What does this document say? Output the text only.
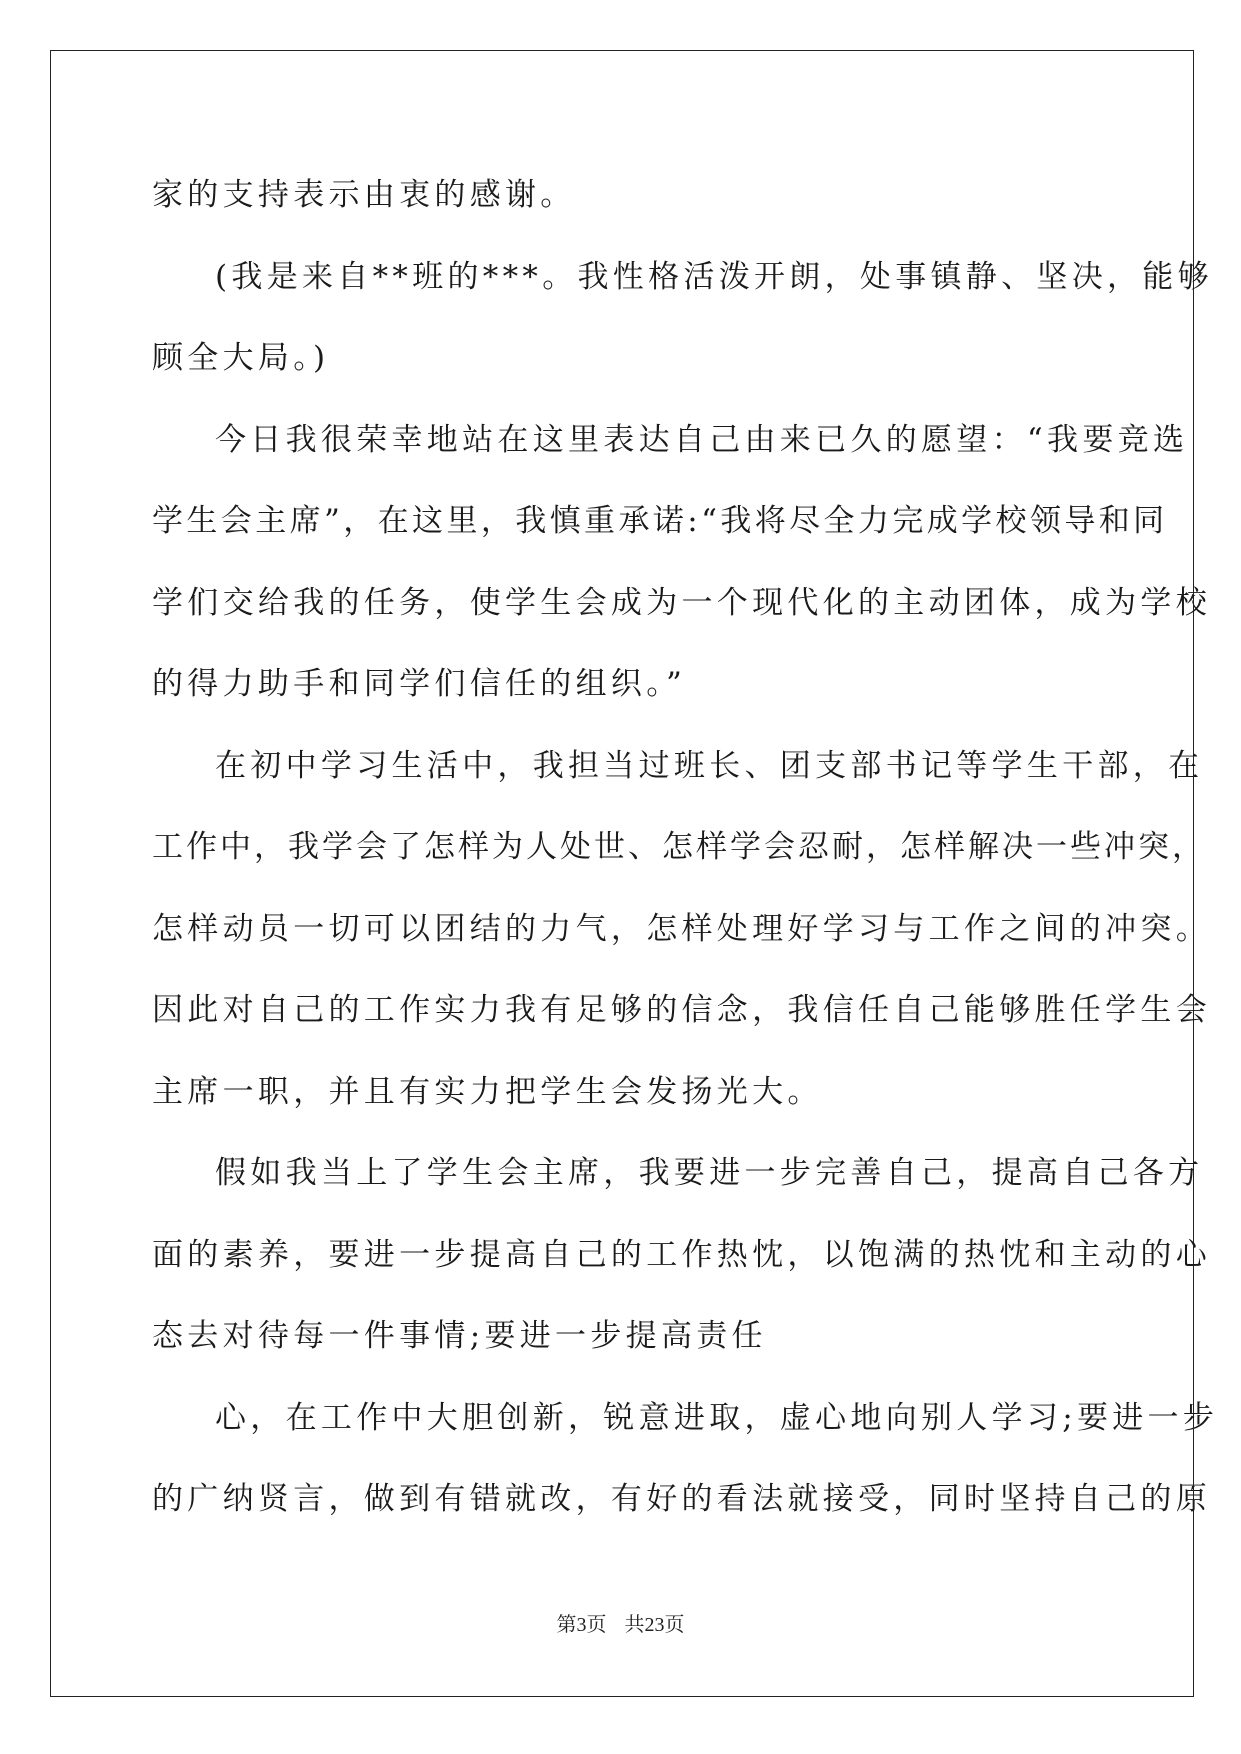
家的支持表示由衷的感谢。
(我是来自**班的***。我性格活泼开朗，处事镇静、坚决，能够
顾全大局。)
今日我很荣幸地站在这里表达自己由来已久的愿望：“我要竞选
学生会主席”，在这里，我慎重承诺:“我将尽全力完成学校领导和同
学们交给我的任务，使学生会成为一个现代化的主动团体，成为学校
的得力助手和同学们信任的组织。”
在初中学习生活中，我担当过班长、团支部书记等学生干部，在
工作中，我学会了怎样为人处世、怎样学会忍耐，怎样解决一些冲突，
怎样动员一切可以团结的力气，怎样处理好学习与工作之间的冲突。
因此对自己的工作实力我有足够的信念，我信任自己能够胜任学生会
主席一职，并且有实力把学生会发扬光大。
假如我当上了学生会主席，我要进一步完善自己，提高自己各方
面的素养，要进一步提高自己的工作热忱，以饱满的热忱和主动的心
态去对待每一件事情;要进一步提高责任
心，在工作中大胆创新，锐意进取，虚心地向别人学习;要进一步
的广纳贤言，做到有错就改，有好的看法就接受，同时坚持自己的原
第3页 共23页
